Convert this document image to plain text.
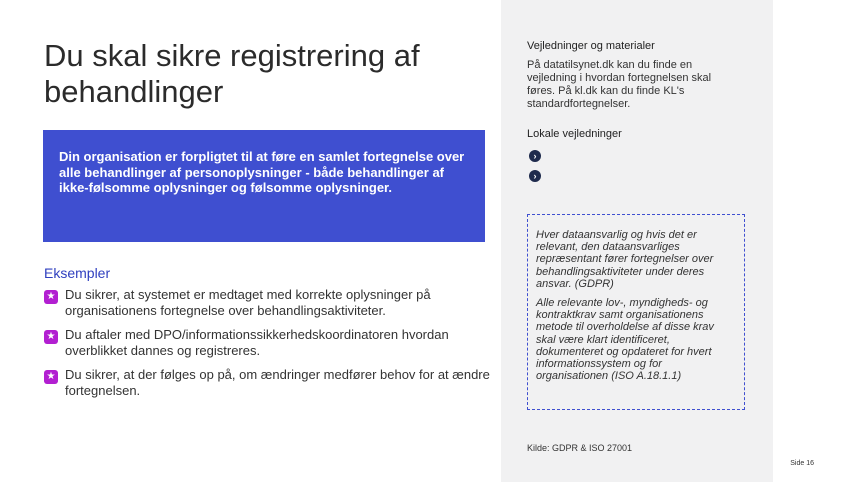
Du skal sikre registrering af behandlinger
Din organisation er forpligtet til at føre en samlet fortegnelse over alle behandlinger af personoplysninger - både behandlinger af ikke-følsomme oplysninger og følsomme oplysninger.
Eksempler
★ Du sikrer, at systemet er medtaget med korrekte oplysninger på organisationens fortegnelse over behandlingsaktiviteter.
★ Du aftaler med DPO/informationssikkerhedskoordinatoren hvordan overblikket dannes og registreres.
★ Du sikrer, at der følges op på, om ændringer medfører behov for at ændre fortegnelsen.
Vejledninger og materialer

På datatilsynet.dk kan du finde en vejledning i hvordan fortegnelsen skal føres. På kl.dk kan du finde KL's standardfortegnelser.

Lokale vejledninger
›
›

Hver dataansvarlig og hvis det er relevant, den dataansvarliges repræsentant fører fortegnelser over behandlingsaktiviteter under deres ansvar. (GDPR)

Alle relevante lov-, myndigheds- og kontraktkrav samt organisationens metode til overholdelse af disse krav skal være klart identificeret, dokumenteret og opdateret for hvert informationssystem og for organisationen (ISO A.18.1.1)

Kilde: GDPR & ISO 27001
Side 16
